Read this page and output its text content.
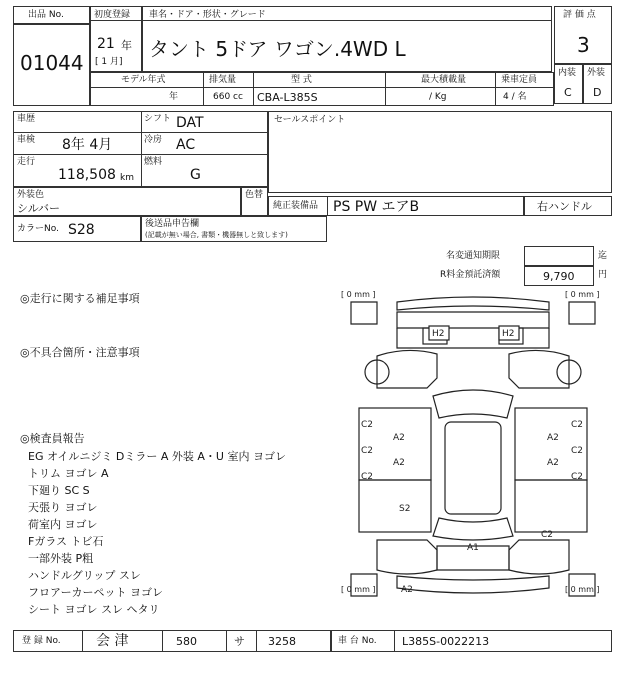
出品 No.
01044
初度登録
21 年
[ 1 月]
車名・ドア・形状・グレード
タント 5ドア ワゴン.4WD L
評 価 点
3
内装
C
外装
D
モデル年式
年
排気量
660 cc
型 式
CBA-L385S
最大積載量
/ Kg
乗車定員
4 / 名
車歴	シフト DAT
車検 8年 4月	冷房 AC
走行
118,508 km
燃料
G
セールスポイント
外装色
シルバー
色替
純正装備品 PS PW エアB	右ハンドル
カラーNo. S28	後送品申告欄
(記載が無い場合, 書類・機器無しと致します)
名変通知期限	迄
R料金預託済額	9,790	円
◎走行に関する補足事項
◎不具合箇所・注意事項
◎検査員報告
EG オイルニジミ Dミラー A 外装 A・U 室内 ヨゴレ
トリム ヨゴレ A
下廻り SC S
天張り ヨゴレ
荷室内 ヨゴレ
Fガラス トビ石
一部外装 P粗
ハンドルグリップ スレ
フロアーカーペット ヨゴレ
シート ヨゴレ スレ ヘタリ
[ 0 mm ]	[ 0 mm ]
[ 0 mm ]	[ 0 mm ]
H2	H2
C2
C2
C2
C2
C2
C2
A2
A2
A2
A2
S2
A1
C2
A2
登 録 No.	会 津	580	サ 3258	車 台 No. L385S-0022213
